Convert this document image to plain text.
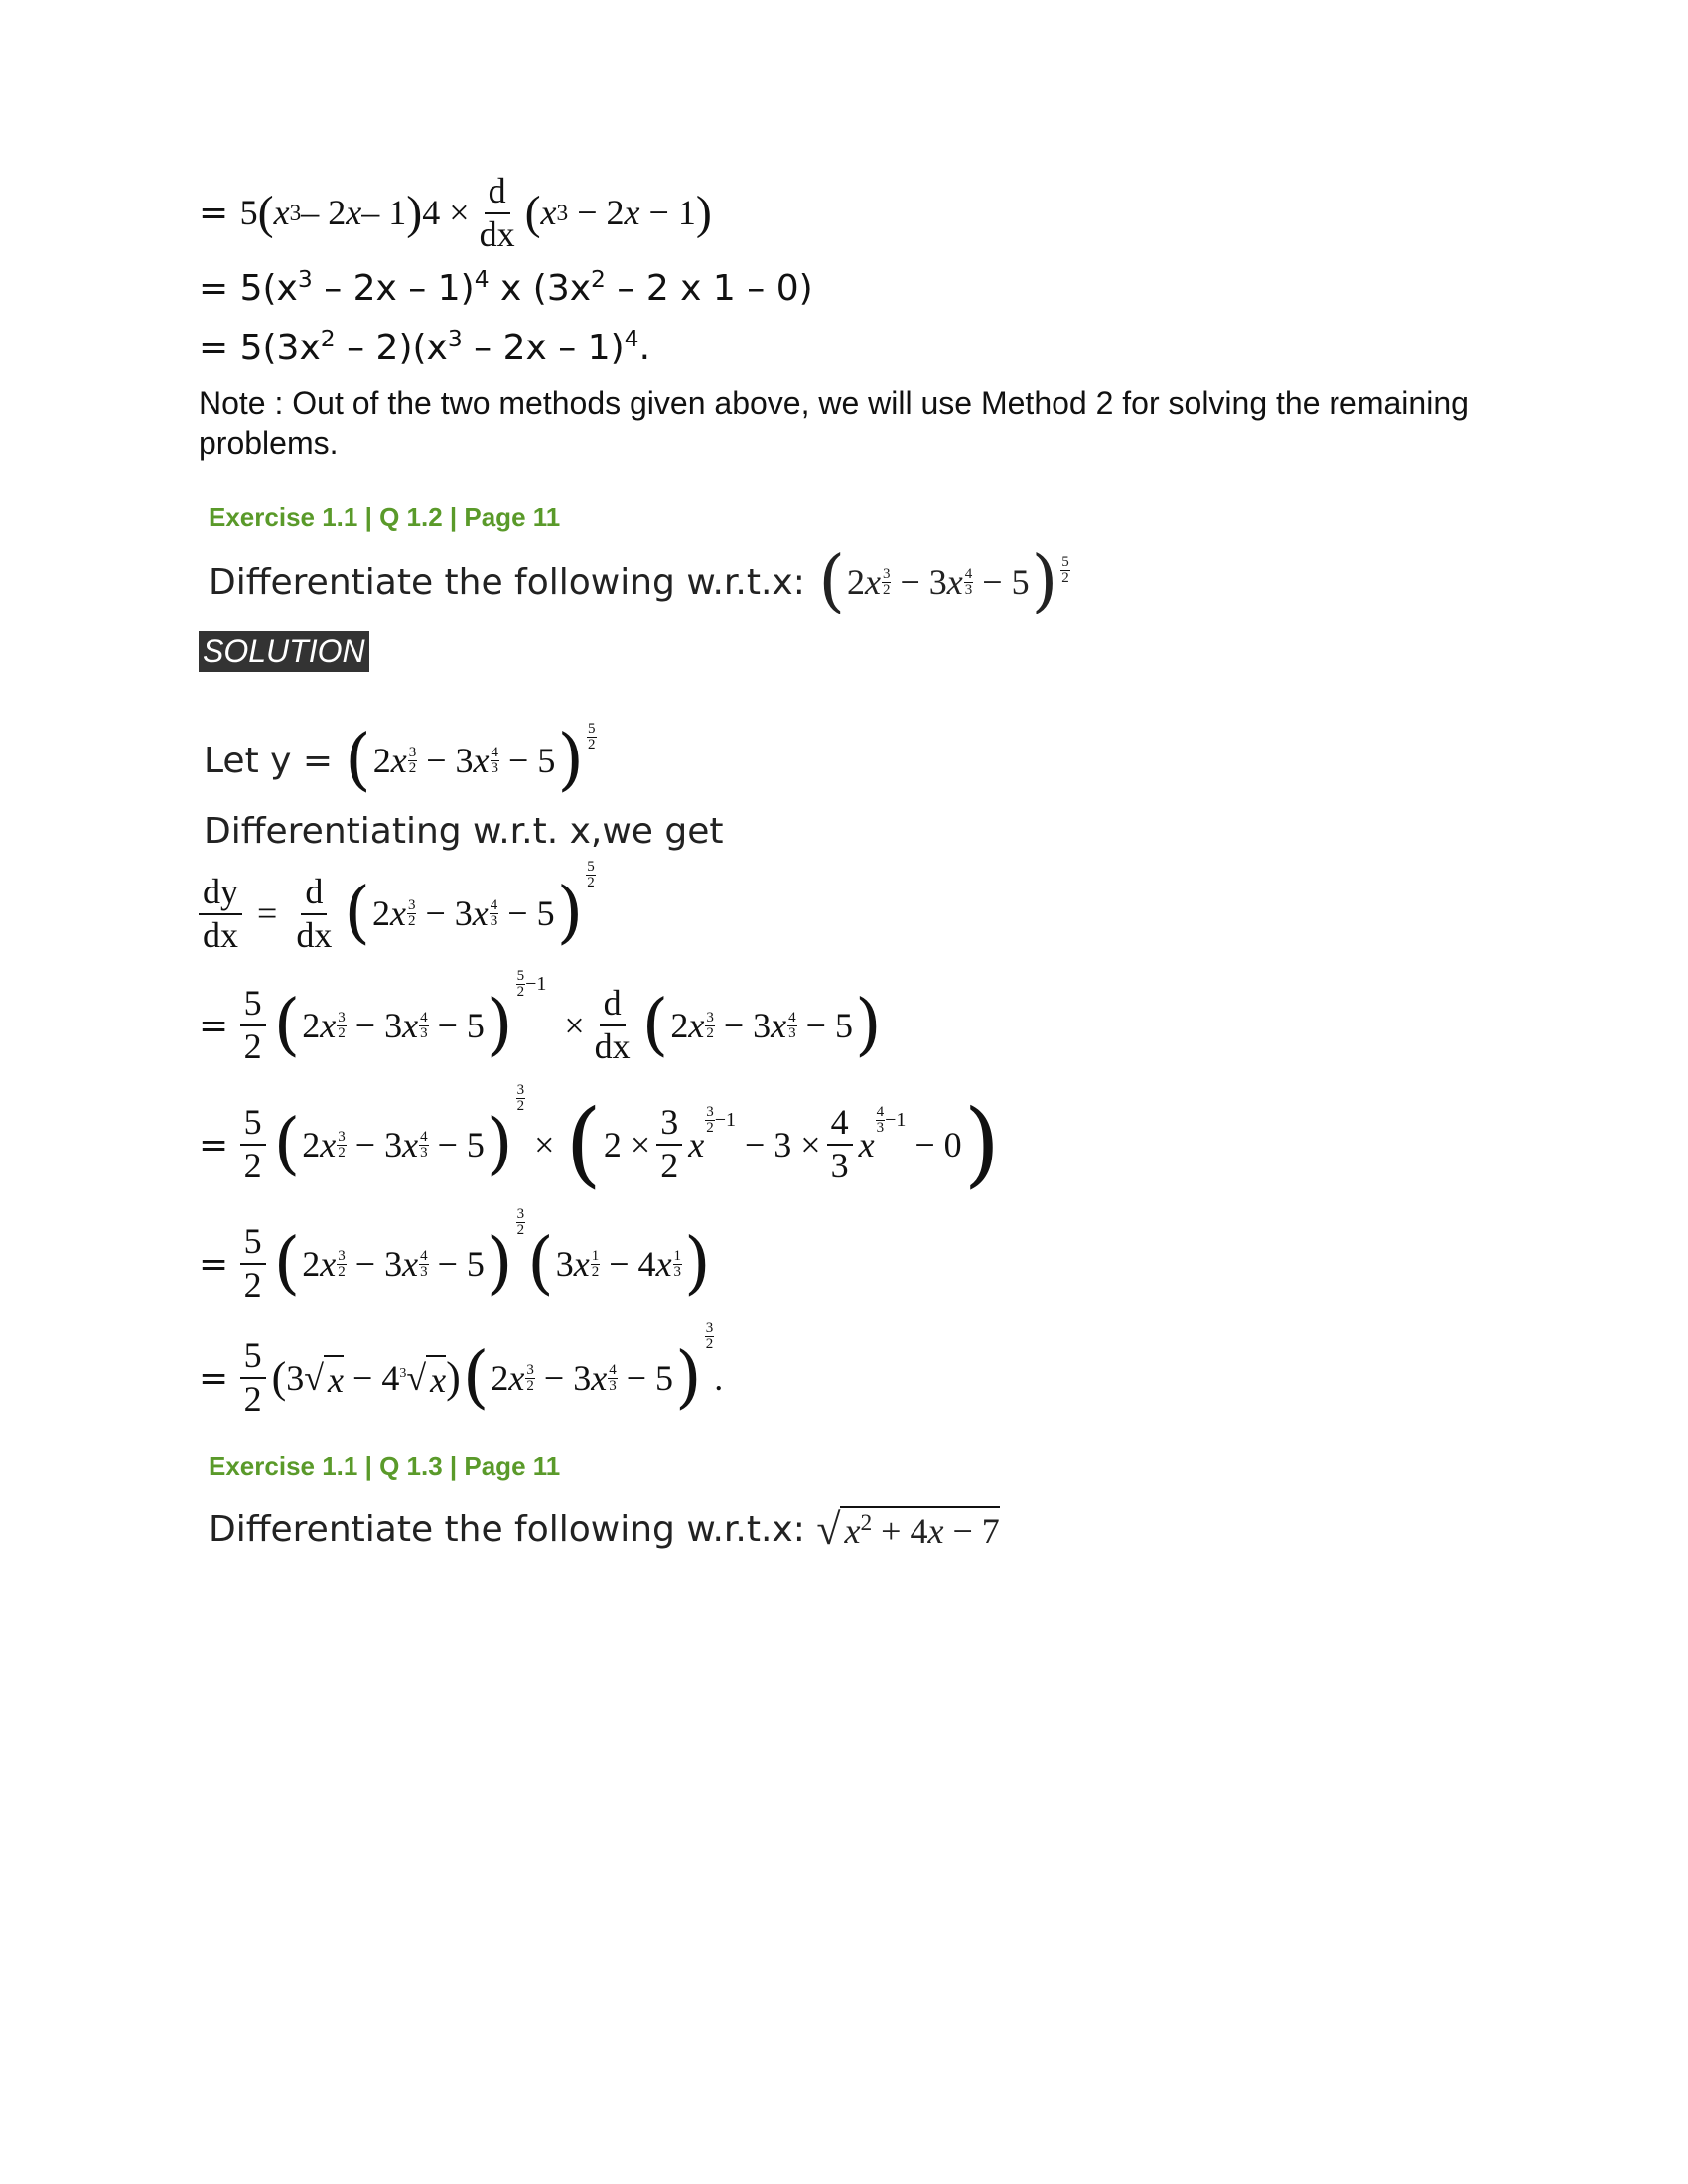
= 5 ( x 3 – 2 x – 1 ) $4 \times \frac{d}{dx}$ ( x 3 − 2 x − 1 )
= $5(x^3 - 2x - 1)^4$ x ($3x^2 - 2$ x 1 – 0)
= $5(3x^2 - 2)(x^3 - 2x - 1)^4$.
Note : Out of the two methods given above, we will use Method 2 for solving the remaining problems.
Exercise 1.1 | Q 1.2 | Page 11
Differentiate the following w.r.t.x:
( 2 x 3
2 − 3 x 4
3 − 5 ) 5
2
SOLUTION
Let y =
( 2 x 3
2 − 3 x 4
3 − 5 ) 5
2
Differentiating w.r.t. x,we get
$\frac{dy}{dx} = \frac{d}{dx}$ ( 2 x 3
2 − 3 x 4
3 − 5 )
5
2
= $\frac{5}{2}$ ( 2 x 3
2 − 3 x 4
3 − 5 )
5
2 −1
× $\frac{d}{dx}$ ( 2 x 3
2 − 3 x 4
3 − 5 )
= $\frac{5}{2}$ ( 2 x 3
2 − 3 x 4
3 − 5 )
$\frac{3}{2}$
× ( $2 \times \frac{3}{2}$ x
3
2 −1
− $3 \times \frac{4}{3}$ x
4
3 −1
− 0 )
= $\frac{5}{2}$ ( 2 x 3
2 − 3 x 4
3 − 5 )
3
2 ( 3 x 1
2 − 4 x 1
3 )
= $\frac{5}{2}$ ( 3√ x − 4 $^3$√ x ) ( 2 x 3
2 − 3 x 4
3 − 5 )
3
2
.
Exercise 1.1 | Q 1.3 | Page 11
Differentiate the following w.r.t.x:
√ $x^2 + 4x - 7$
